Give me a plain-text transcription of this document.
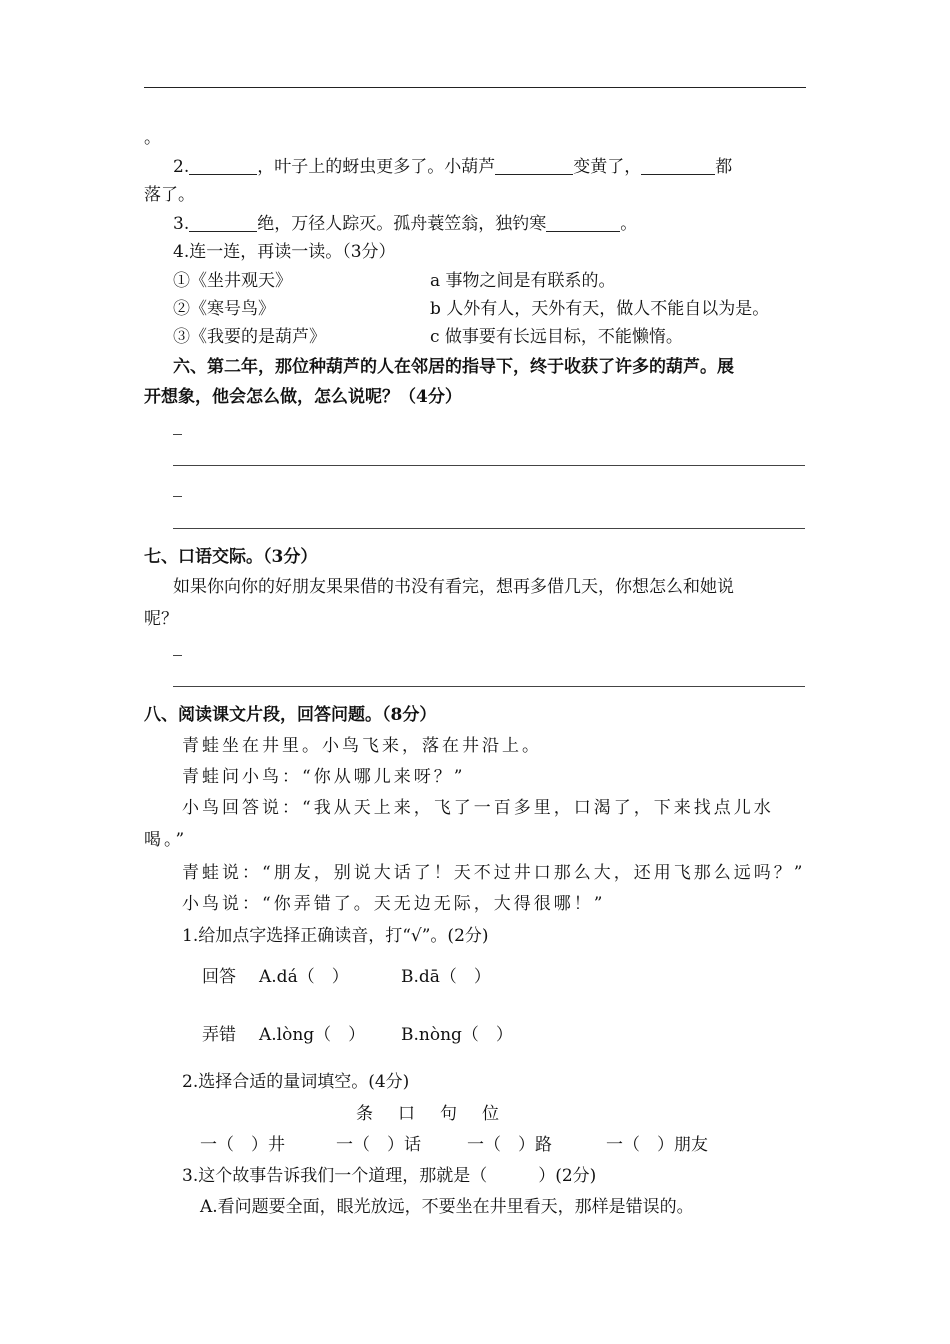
。
2.	，叶子上的蚜虫更多了。小葫芦	变黄了，	都
落了。
3.	绝，万径人踪灭。孤舟蓑笠翁，独钓寒	。
4.连一连，再读一读。（3分）
①《坐井观天》	a 事物之间是有联系的。
②《寒号鸟》	b 人外有人，天外有天，做人不能自以为是。
③《我要的是葫芦》	c 做事要有长远目标，不能懒惰。
六、第二年，那位种葫芦的人在邻居的指导下，终于收获了许多的葫芦。展
开想象，他会怎么做，怎么说呢？（4分）
七、口语交际。（3分）
如果你向你的好朋友果果借的书没有看完，想再多借几天，你想怎么和她说
呢？
八、阅读课文片段，回答问题。（8分）
青蛙坐在井里。小鸟飞来，落在井沿上。
青蛙问小鸟：“你从哪儿来呀？”
小鸟回答说：“我从天上来，飞了一百多里，口渴了，下来找点儿水
喝。”
青蛙说：“朋友，别说大话了！天不过井口那么大，还用飞那么远吗？”
小鸟说：“你弄错了。天无边无际，大得很哪！”
1.给加点字选择正确读音，打“√”。(2分)
回答 A.dá（　）	B.dā（　）
弄错 A.lòng（　） B.nòng（　）
2.选择合适的量词填空。(4分)
条　口　句　位
一（　）井	一（　）话	一（　）路	一（　）朋友
3.这个故事告诉我们一个道理，那就是（　　　）(2分)
A.看问题要全面，眼光放远，不要坐在井里看天，那样是错误的。
